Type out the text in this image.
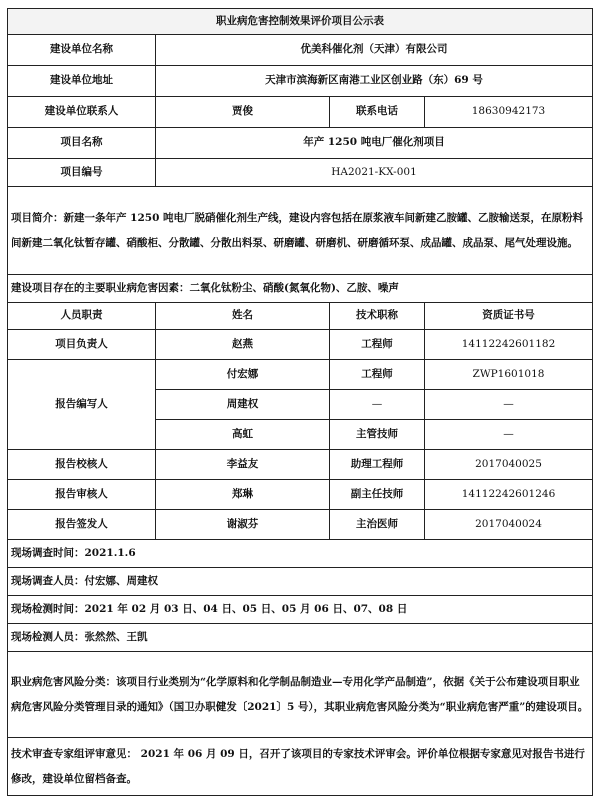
职业病危害控制效果评价项目公示表			
建设单位名称	优美科催化剂（天津）有限公司		
建设单位地址	天津市滨海新区南港工业区创业路（东）69 号		
建设单位联系人	贾俊	联系电话	18630942173
项目名称	年产 1250 吨电厂催化剂项目		
项目编号	HA2021-KX-001		
项目简介：新建一条年产 1250 吨电厂脱硝催化剂生产线，建设内容包括在原浆液车间新建乙胺罐、乙胺输送泵，在原粉料间新建二氧化钛暂存罐、硝酸柜、分散罐、分散出料泵、研磨罐、研磨机、研磨循环泵、成品罐、成品泵、尾气处理设施。			
建设项目存在的主要职业病危害因素：二氧化钛粉尘、硝酸(氮氧化物)、乙胺、噪声			
人员职责	姓名	技术职称	资质证书号
项目负责人	赵燕	工程师	14112242601182
报告编写人	付宏娜	工程师	ZWP1601018
	周建权	—	—
	高虹	主管技师	—
报告校核人	李益友	助理工程师	2017040025
报告审核人	郑琳	副主任技师	14112242601246
报告签发人	谢淑芬	主治医师	2017040024
现场调查时间：2021.1.6			
现场调查人员：付宏娜、周建权			
现场检测时间：2021 年 02 月 03 日、04 日、05 日、05 月 06 日、07、08 日			
现场检测人员：张然然、王凯			
职业病危害风险分类：该项目行业类别为“化学原料和化学制品制造业—专用化学产品制造”，依据《关于公布建设项目职业病危害风险分类管理目录的通知》（国卫办职健发〔2021〕5 号），其职业病危害风险分类为“职业病危害严重”的建设项目。			
技术审查专家组评审意见： 2021 年 06 月 09 日，召开了该项目的专家技术评审会。评价单位根据专家意见对报告书进行修改，建设单位留档备查。			
